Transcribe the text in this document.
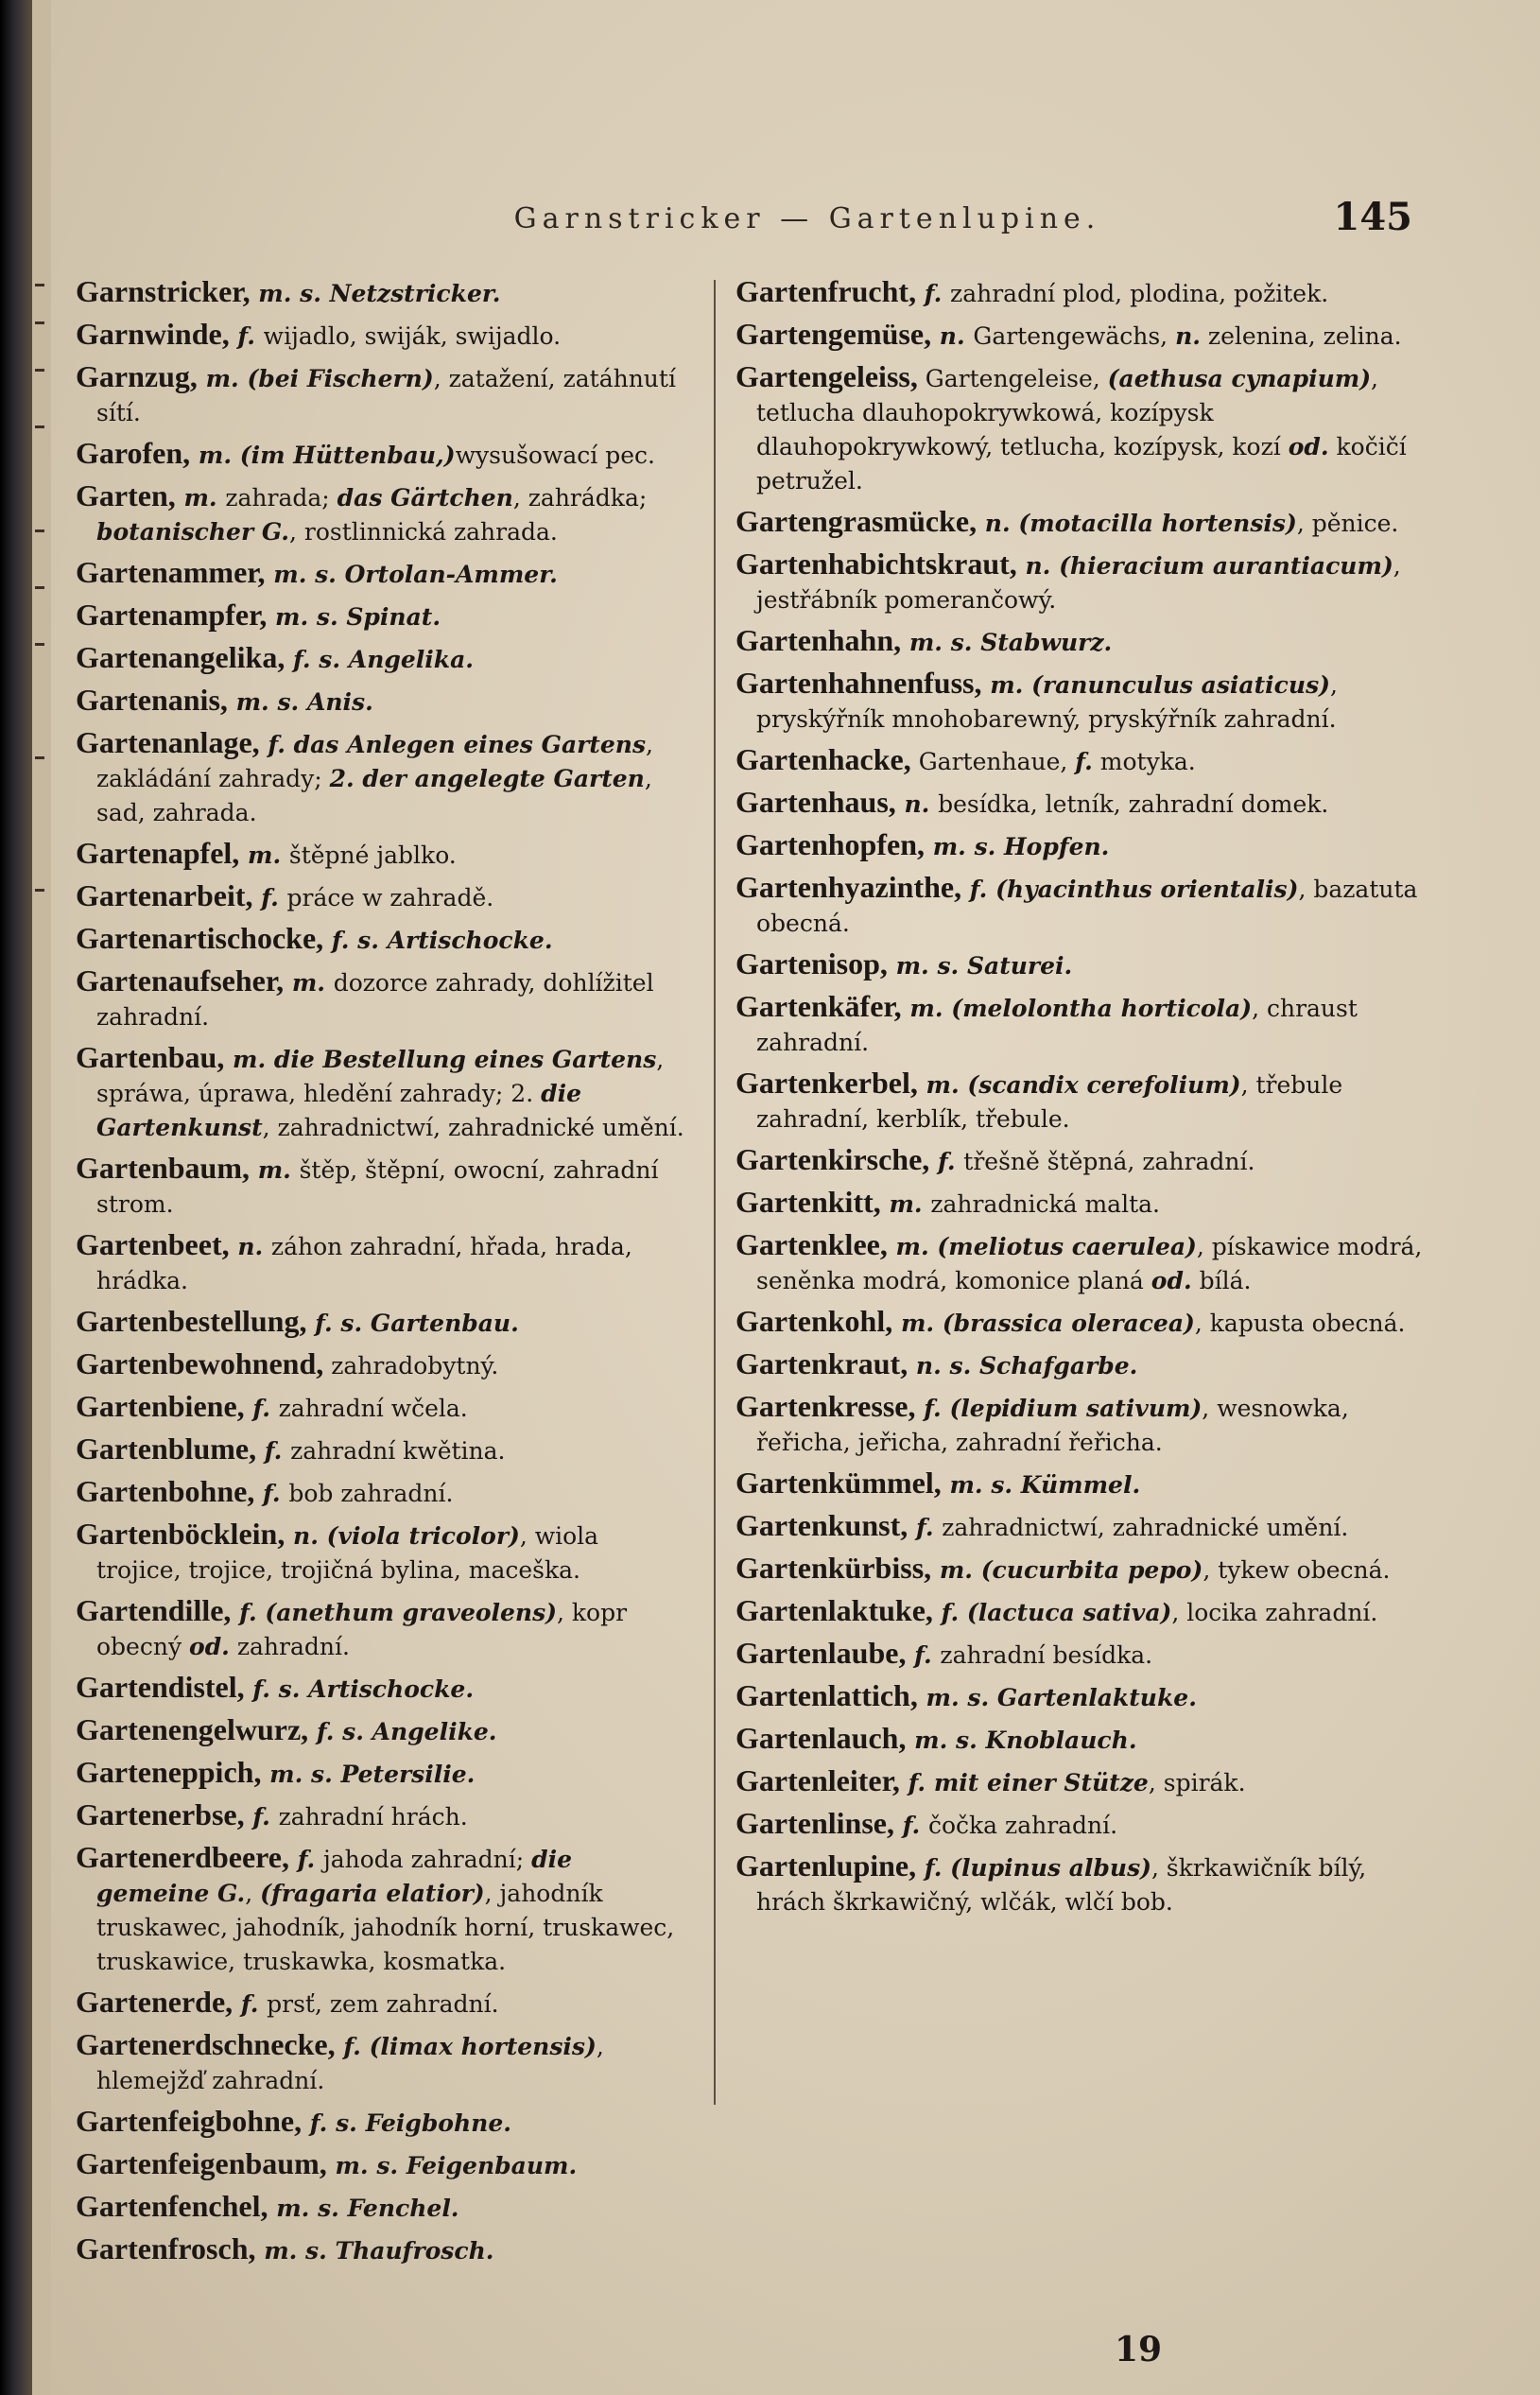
Garnstricker — Gartenlupine.	145
Garnstricker, m. s. Netzstricker.
Garnwinde, f. wijadlo, swiják, swijadlo.
Garnzug, m. (bei Fischern), zatažení, zatáhnutí sítí.
Garofen, m. (im Hüttenbau,)wysušowací pec.
Garten, m. zahrada; das Gärtchen, zahrádka; botanischer G., rostlinnická zahrada.
Gartenammer, m. s. Ortolan-Ammer.
Gartenampfer, m. s. Spinat.
Gartenangelika, f. s. Angelika.
Gartenanis, m. s. Anis.
Gartenanlage, f. das Anlegen eines Gartens, zakládání zahrady; 2. der angelegte Garten, sad, zahrada.
Gartenapfel, m. štěpné jablko.
Gartenarbeit, f. práce w zahradě.
Gartenartischocke, f. s. Artischocke.
Gartenaufseher, m. dozorce zahrady, dohlížitel zahradní.
Gartenbau, m. die Bestellung eines Gartens, spráwa, úprawa, hledění zahrady; 2. die Gartenkunst, zahradnictwí, zahradnické umění.
Gartenbaum, m. štěp, štěpní, owocní, zahradní strom.
Gartenbeet, n. záhon zahradní, hřada, hrada, hrádka.
Gartenbestellung, f. s. Gartenbau.
Gartenbewohnend, zahradobytný.
Gartenbiene, f. zahradní wčela.
Gartenblume, f. zahradní kwětina.
Gartenbohne, f. bob zahradní.
Gartenböcklein, n. (viola tricolor), wiola trojice, trojice, trojičná bylina, maceška.
Gartendille, f. (anethum graveolens), kopr obecný od. zahradní.
Gartendistel, f. s. Artischocke.
Gartenengelwurz, f. s. Angelike.
Garteneppich, m. s. Petersilie.
Gartenerbse, f. zahradní hrách.
Gartenerdbeere, f. jahoda zahradní; die gemeine G., (fragaria elatior), jahodník truskawec, jahodník, jahodník horní, truskawec, truskawice, truskawka, kosmatka.
Gartenerde, f. prsť, zem zahradní.
Gartenerdschnecke, f. (limax hortensis), hlemejžď zahradní.
Gartenfeigbohne, f. s. Feigbohne.
Gartenfeigenbaum, m. s. Feigenbaum.
Gartenfenchel, m. s. Fenchel.
Gartenfrosch, m. s. Thaufrosch.
Gartenfrucht, f. zahradní plod, plodina, požitek.
Gartengemüse, n. Gartengewächs, n. zelenina, zelina.
Gartengeleiss, Gartengeleise, (aethusa cynapium), tetlucha dlauhopokrywkowá, kozípysk dlauhopokrywkowý, tetlucha, kozípysk, kozí od. kočičí petružel.
Gartengrasmücke, n. (motacilla hortensis), pěnice.
Gartenhabichtskraut, n. (hieracium aurantiacum), jestřábník pomerančowý.
Gartenhahn, m. s. Stabwurz.
Gartenhahnenfuss, m. (ranunculus asiaticus), pryskýřník mnohobarewný, pryskýřník zahradní.
Gartenhacke, Gartenhaue, f. motyka.
Gartenhaus, n. besídka, letník, zahradní domek.
Gartenhopfen, m. s. Hopfen.
Gartenhyazinthe, f. (hyacinthus orientalis), bazatuta obecná.
Gartenisop, m. s. Saturei.
Gartenkäfer, m. (melolontha horticola), chraust zahradní.
Gartenkerbel, m. (scandix cerefolium), třebule zahradní, kerblík, třebule.
Gartenkirsche, f. třešně štěpná, zahradní.
Gartenkitt, m. zahradnická malta.
Gartenklee, m. (meliotus caerulea), pískawice modrá, seněnka modrá, komonice planá od. bílá.
Gartenkohl, m. (brassica oleracea), kapusta obecná.
Gartenkraut, n. s. Schafgarbe.
Gartenkresse, f. (lepidium sativum), wesnowka, řeřicha, jeřicha, zahradní řeřicha.
Gartenkümmel, m. s. Kümmel.
Gartenkunst, f. zahradnictwí, zahradnické umění.
Gartenkürbiss, m. (cucurbita pepo), tykew obecná.
Gartenlaktuke, f. (lactuca sativa), locika zahradní.
Gartenlaube, f. zahradní besídka.
Gartenlattich, m. s. Gartenlaktuke.
Gartenlauch, m. s. Knoblauch.
Gartenleiter, f. mit einer Stütze, spirák.
Gartenlinse, f. čočka zahradní.
Gartenlupine, f. (lupinus albus), škrkawičník bílý, hrách škrkawičný, wlčák, wlčí bob.
19
